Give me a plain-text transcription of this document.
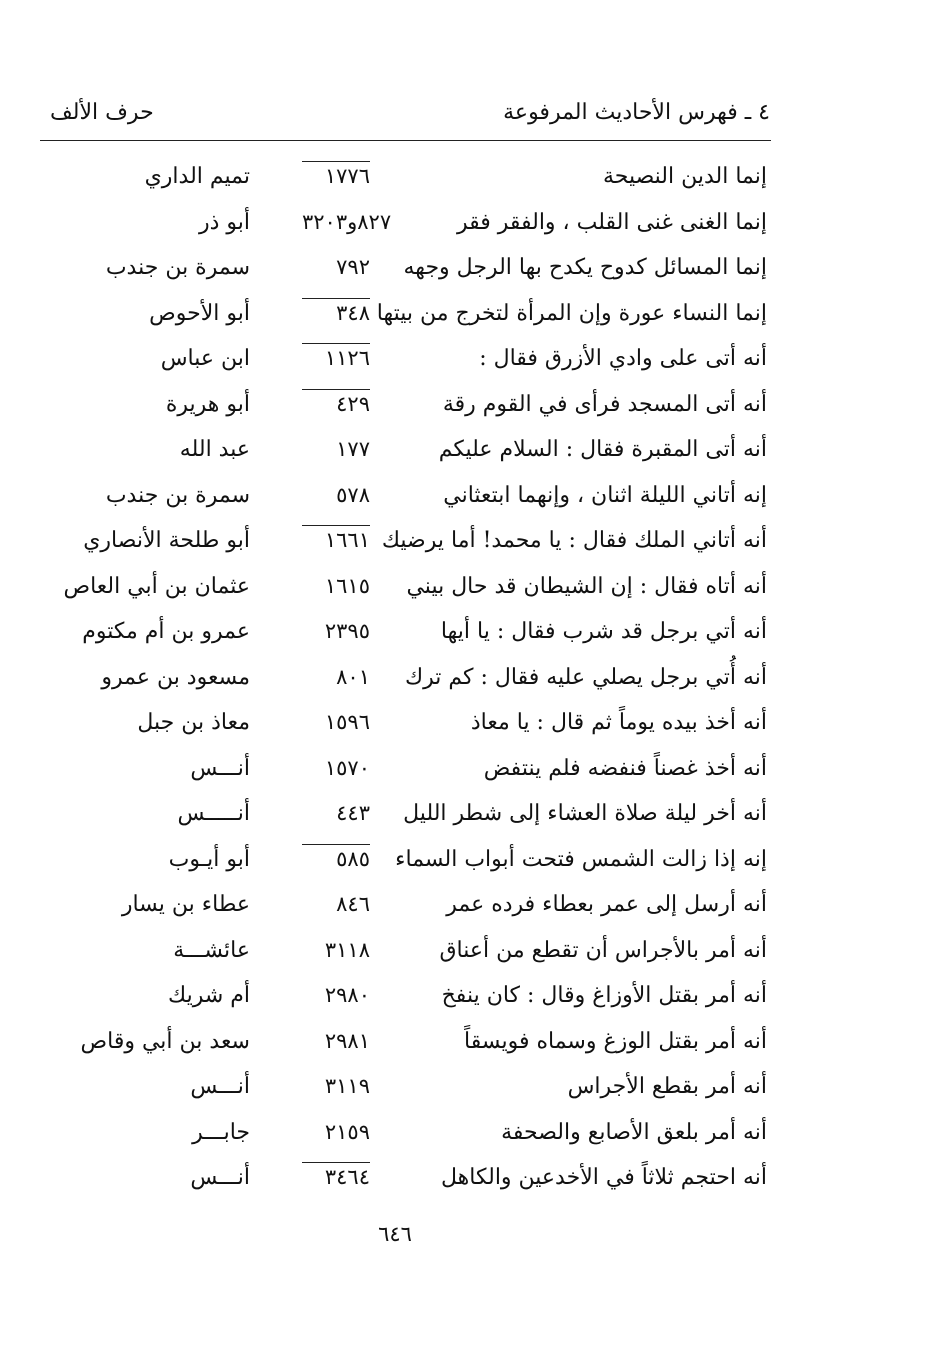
٤ ـ فهرس الأحاديث المرفوعة
حرف الألف
إنما الدين النصيحة
١٧٧٦
تميم الداري
إنما الغنى غنى القلب ، والفقر فقر
٨٢٧و٣٢٠٣
أبو ذر
إنما المسائل كدوح يكدح بها الرجل وجهه
٧٩٢
سمرة بن جندب
إنما النساء عورة وإن المرأة لتخرج من بيتها
٣٤٨
أبو الأحوص
أنه أتى على وادي الأزرق فقال :
١١٢٦
ابن عباس
أنه أتى المسجد فرأى في القوم رقة
٤٢٩
أبو هريرة
أنه أتى المقبرة فقال : السلام عليكم
١٧٧
عبد الله
إنه أتاني الليلة اثنان ، وإنهما ابتعثاني
٥٧٨
سمرة بن جندب
أنه أتاني الملك فقال : يا محمد! أما يرضيك
١٦٦١
أبو طلحة الأنصاري
أنه أتاه فقال : إن الشيطان قد حال بيني
١٦١٥
عثمان بن أبي العاص
أنه أتي برجل قد شرب فقال : يا أيها
٢٣٩٥
عمرو بن أم مكتوم
أنه أُتي برجل يصلي عليه فقال : كم ترك
٨٠١
مسعود بن عمرو
أنه أخذ بيده يوماً ثم قال : يا معاذ
١٥٩٦
معاذ بن جبل
أنه أخذ غصناً فنفضه فلم ينتفض
١٥٧٠
أنـــس
أنه أخر ليلة صلاة العشاء إلى شطر الليل
٤٤٣
أنـــــس
إنه إذا زالت الشمس فتحت أبواب السماء
٥٨٥
أبو أيـوب
أنه أرسل إلى عمر بعطاء فرده عمر
٨٤٦
عطاء بن يسار
أنه أمر بالأجراس أن تقطع من أعناق
٣١١٨
عائشـــة
أنه أمر بقتل الأوزاغ وقال : كان ينفخ
٢٩٨٠
أم شريك
أنه أمر بقتل الوزغ وسماه فويسقاً
٢٩٨١
سعد بن أبي وقاص
أنه أمر بقطع الأجراس
٣١١٩
أنـــس
أنه أمر بلعق الأصابع والصحفة
٢١٥٩
جابـــر
أنه احتجم ثلاثاً في الأخدعين والكاهل
٣٤٦٤
أنـــس
٦٤٦
